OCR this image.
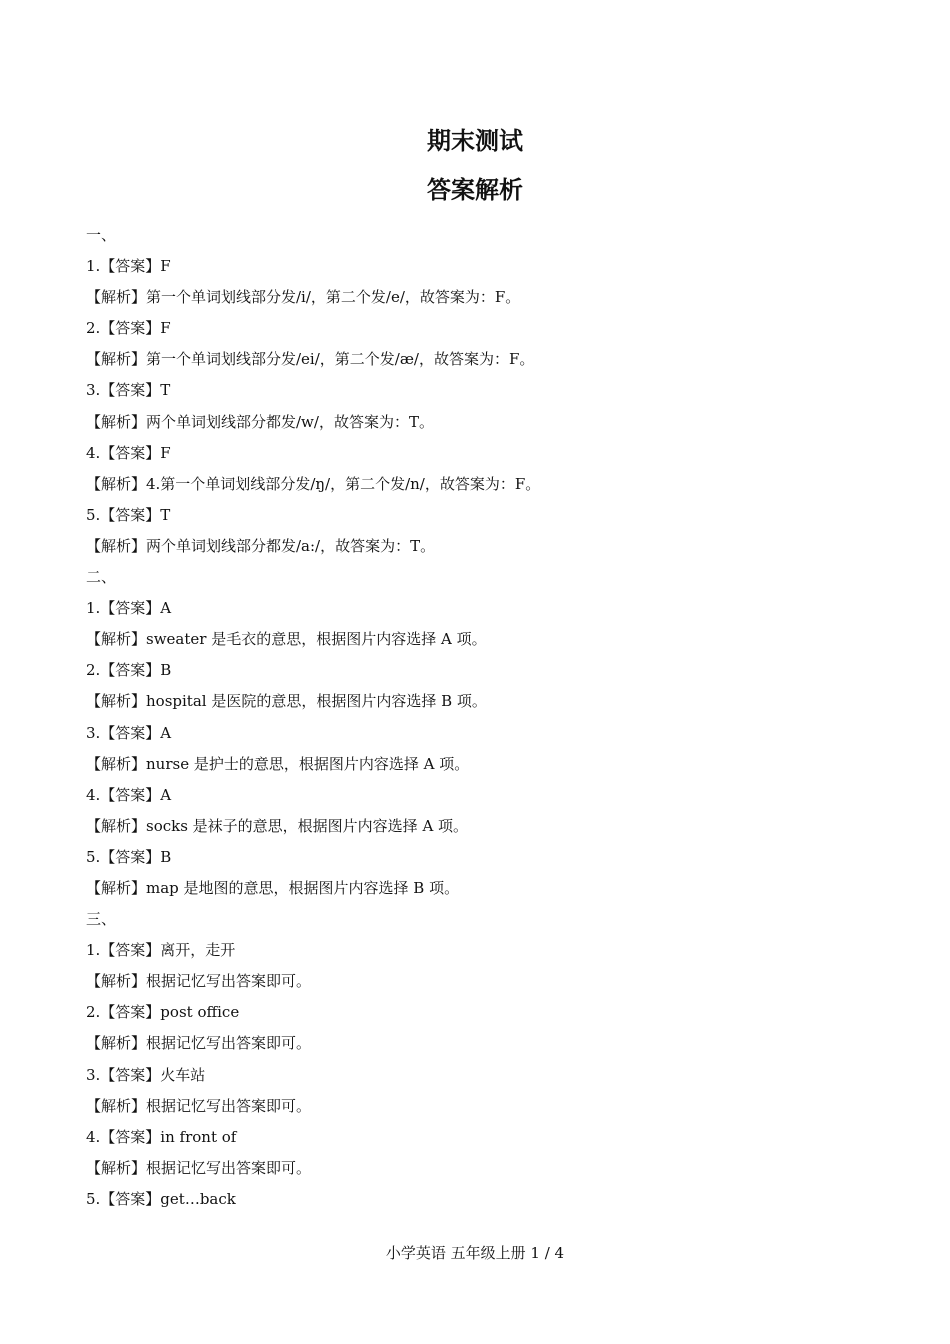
期末测试
答案解析
一、
1.【答案】F
【解析】第一个单词划线部分发/i/，第二个发/e/，故答案为：F。
2.【答案】F
【解析】第一个单词划线部分发/ei/，第二个发/æ/，故答案为：F。
3.【答案】T
【解析】两个单词划线部分都发/w/，故答案为：T。
4.【答案】F
【解析】4.第一个单词划线部分发/ŋ/，第二个发/n/，故答案为：F。
5.【答案】T
【解析】两个单词划线部分都发/a:/，故答案为：T。
二、
1.【答案】A
【解析】sweater 是毛衣的意思，根据图片内容选择 A 项。
2.【答案】B
【解析】hospital 是医院的意思，根据图片内容选择 B 项。
3.【答案】A
【解析】nurse 是护士的意思，根据图片内容选择 A 项。
4.【答案】A
【解析】socks 是袜子的意思，根据图片内容选择 A 项。
5.【答案】B
【解析】map 是地图的意思，根据图片内容选择 B 项。
三、
1.【答案】离开，走开
【解析】根据记忆写出答案即可。
2.【答案】post office
【解析】根据记忆写出答案即可。
3.【答案】火车站
【解析】根据记忆写出答案即可。
4.【答案】in front of
【解析】根据记忆写出答案即可。
5.【答案】get…back
小学英语 五年级上册 1 / 4
